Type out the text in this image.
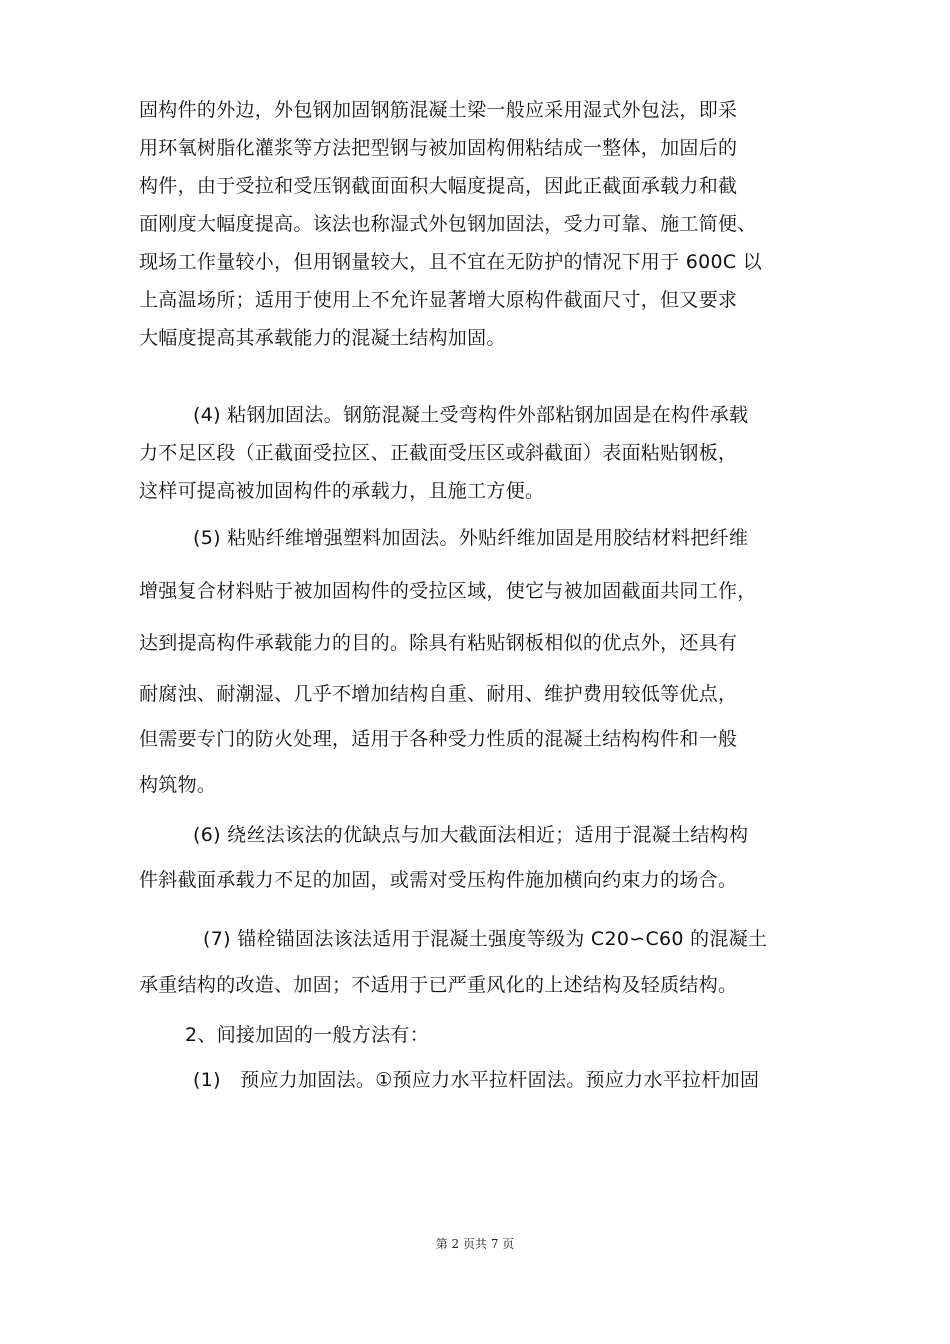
固构件的外边，外包钢加固钢筋混凝土梁一般应采用湿式外包法，即采
用环氧树脂化灌浆等方法把型钢与被加固构佣粘结成一整体，加固后的
构件，由于受拉和受压钢截面面积大幅度提高，因此正截面承载力和截
面刚度大幅度提高。该法也称湿式外包钢加固法，受力可靠、施工简便、
现场工作量较小，但用钢量较大，且不宜在无防护的情况下用于 600C 以
上高温场所；适用于使用上不允许显著增大原构件截面尺寸，但又要求
大幅度提高其承载能力的混凝土结构加固。
(4) 粘钢加固法。钢筋混凝土受弯构件外部粘钢加固是在构件承载
力不足区段（正截面受拉区、正截面受压区或斜截面）表面粘贴钢板，
这样可提高被加固构件的承载力，且施工方便。
(5) 粘贴纤维增强塑料加固法。外贴纤维加固是用胶结材料把纤维
增强复合材料贴于被加固构件的受拉区域，使它与被加固截面共同工作，
达到提高构件承载能力的目的。除具有粘贴钢板相似的优点外，还具有
耐腐浊、耐潮湿、几乎不增加结构自重、耐用、维护费用较低等优点，
但需要专门的防火处理，适用于各种受力性质的混凝土结构构件和一般
构筑物。
(6) 绕丝法该法的优缺点与加大截面法相近；适用于混凝土结构构
件斜截面承载力不足的加固，或需对受压构件施加横向约束力的场合。
(7) 锚栓锚固法该法适用于混凝土强度等级为 C20∽C60 的混凝土
承重结构的改造、加固；不适用于已严重风化的上述结构及轻质结构。
2、间接加固的一般方法有：
(1)　预应力加固法。①预应力水平拉杆固法。预应力水平拉杆加固
第 2 页共 7 页
